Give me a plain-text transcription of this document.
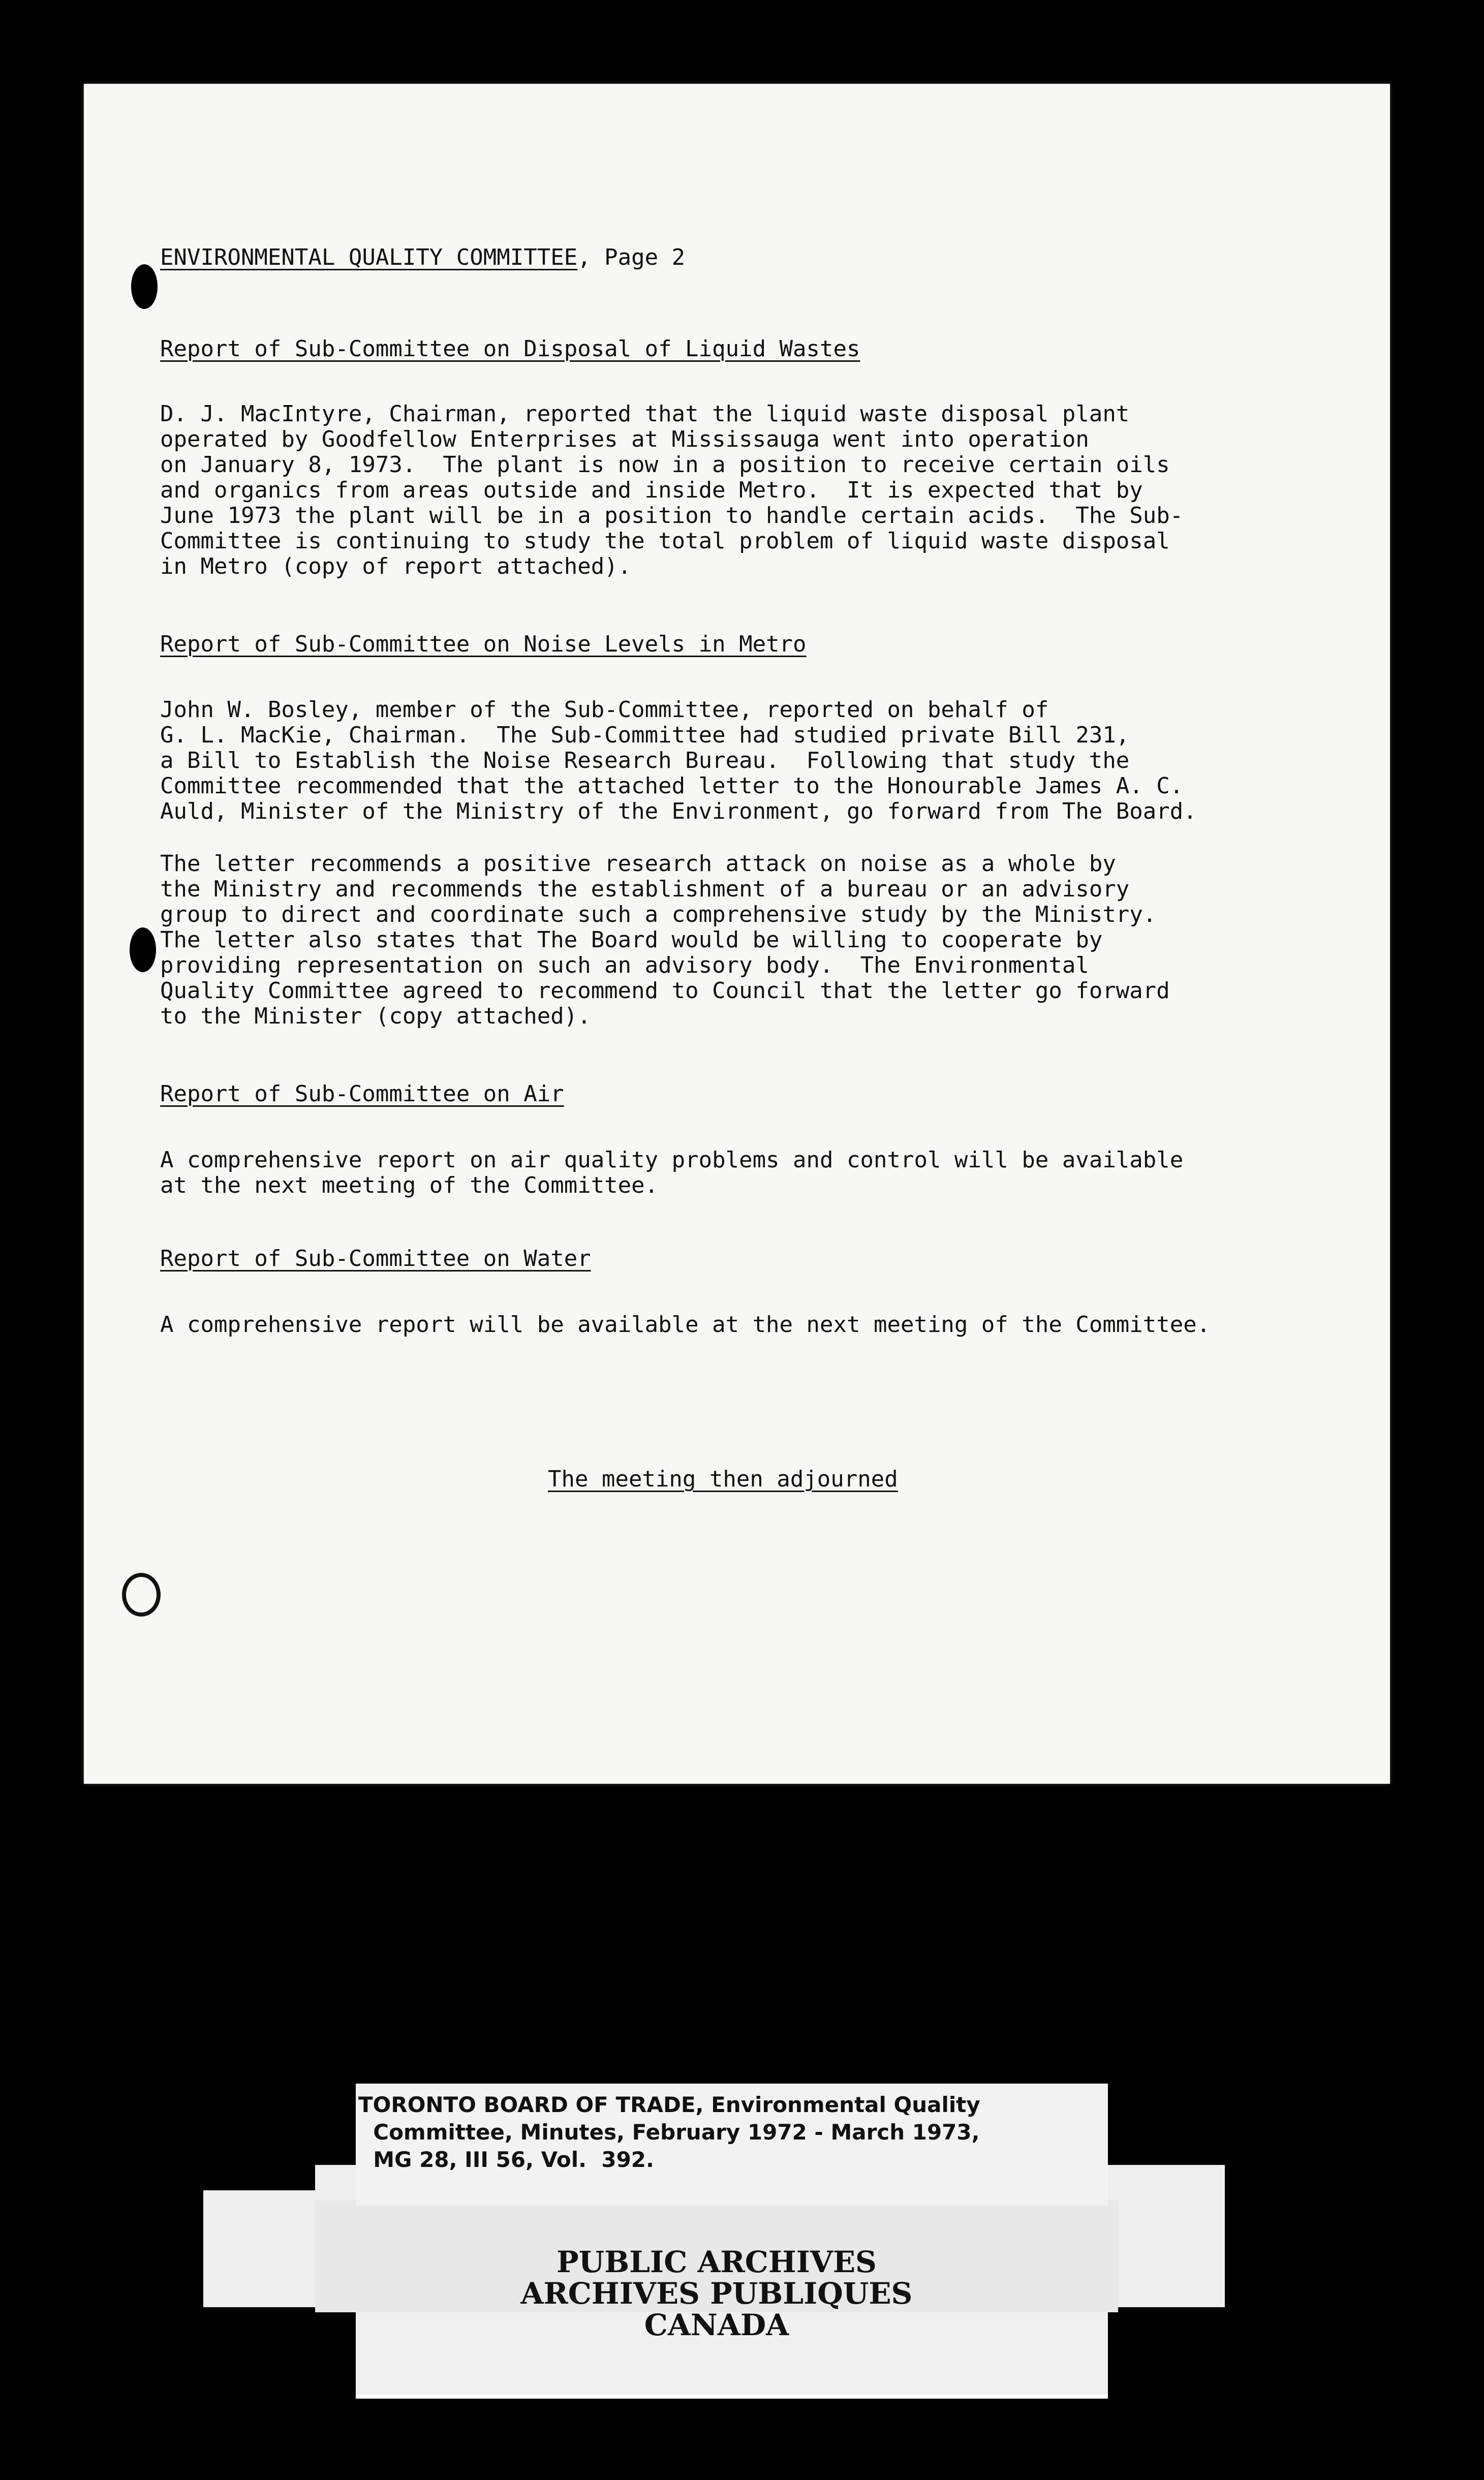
ENVIRONMENTAL QUALITY COMMITTEE, Page 2
Report of Sub-Committee on Disposal of Liquid Wastes
D. J. MacIntyre, Chairman, reported that the liquid waste disposal plant
operated by Goodfellow Enterprises at Mississauga went into operation
on January 8, 1973.  The plant is now in a position to receive certain oils
and organics from areas outside and inside Metro.  It is expected that by
June 1973 the plant will be in a position to handle certain acids.  The Sub-
Committee is continuing to study the total problem of liquid waste disposal
in Metro (copy of report attached).
Report of Sub-Committee on Noise Levels in Metro
John W. Bosley, member of the Sub-Committee, reported on behalf of
G. L. MacKie, Chairman.  The Sub-Committee had studied private Bill 231,
a Bill to Establish the Noise Research Bureau.  Following that study the
Committee recommended that the attached letter to the Honourable James A. C.
Auld, Minister of the Ministry of the Environment, go forward from The Board.
The letter recommends a positive research attack on noise as a whole by
the Ministry and recommends the establishment of a bureau or an advisory
group to direct and coordinate such a comprehensive study by the Ministry.
The letter also states that The Board would be willing to cooperate by
providing representation on such an advisory body.  The Environmental
Quality Committee agreed to recommend to Council that the letter go forward
to the Minister (copy attached).
Report of Sub-Committee on Air
A comprehensive report on air quality problems and control will be available
at the next meeting of the Committee.
Report of Sub-Committee on Water
A comprehensive report will be available at the next meeting of the Committee.
The meeting then adjourned
TORONTO BOARD OF TRADE, Environmental Quality
Committee, Minutes, February 1972 - March 1973,
MG 28, III 56, Vol.  392.
PUBLIC ARCHIVES
ARCHIVES PUBLIQUES
CANADA
